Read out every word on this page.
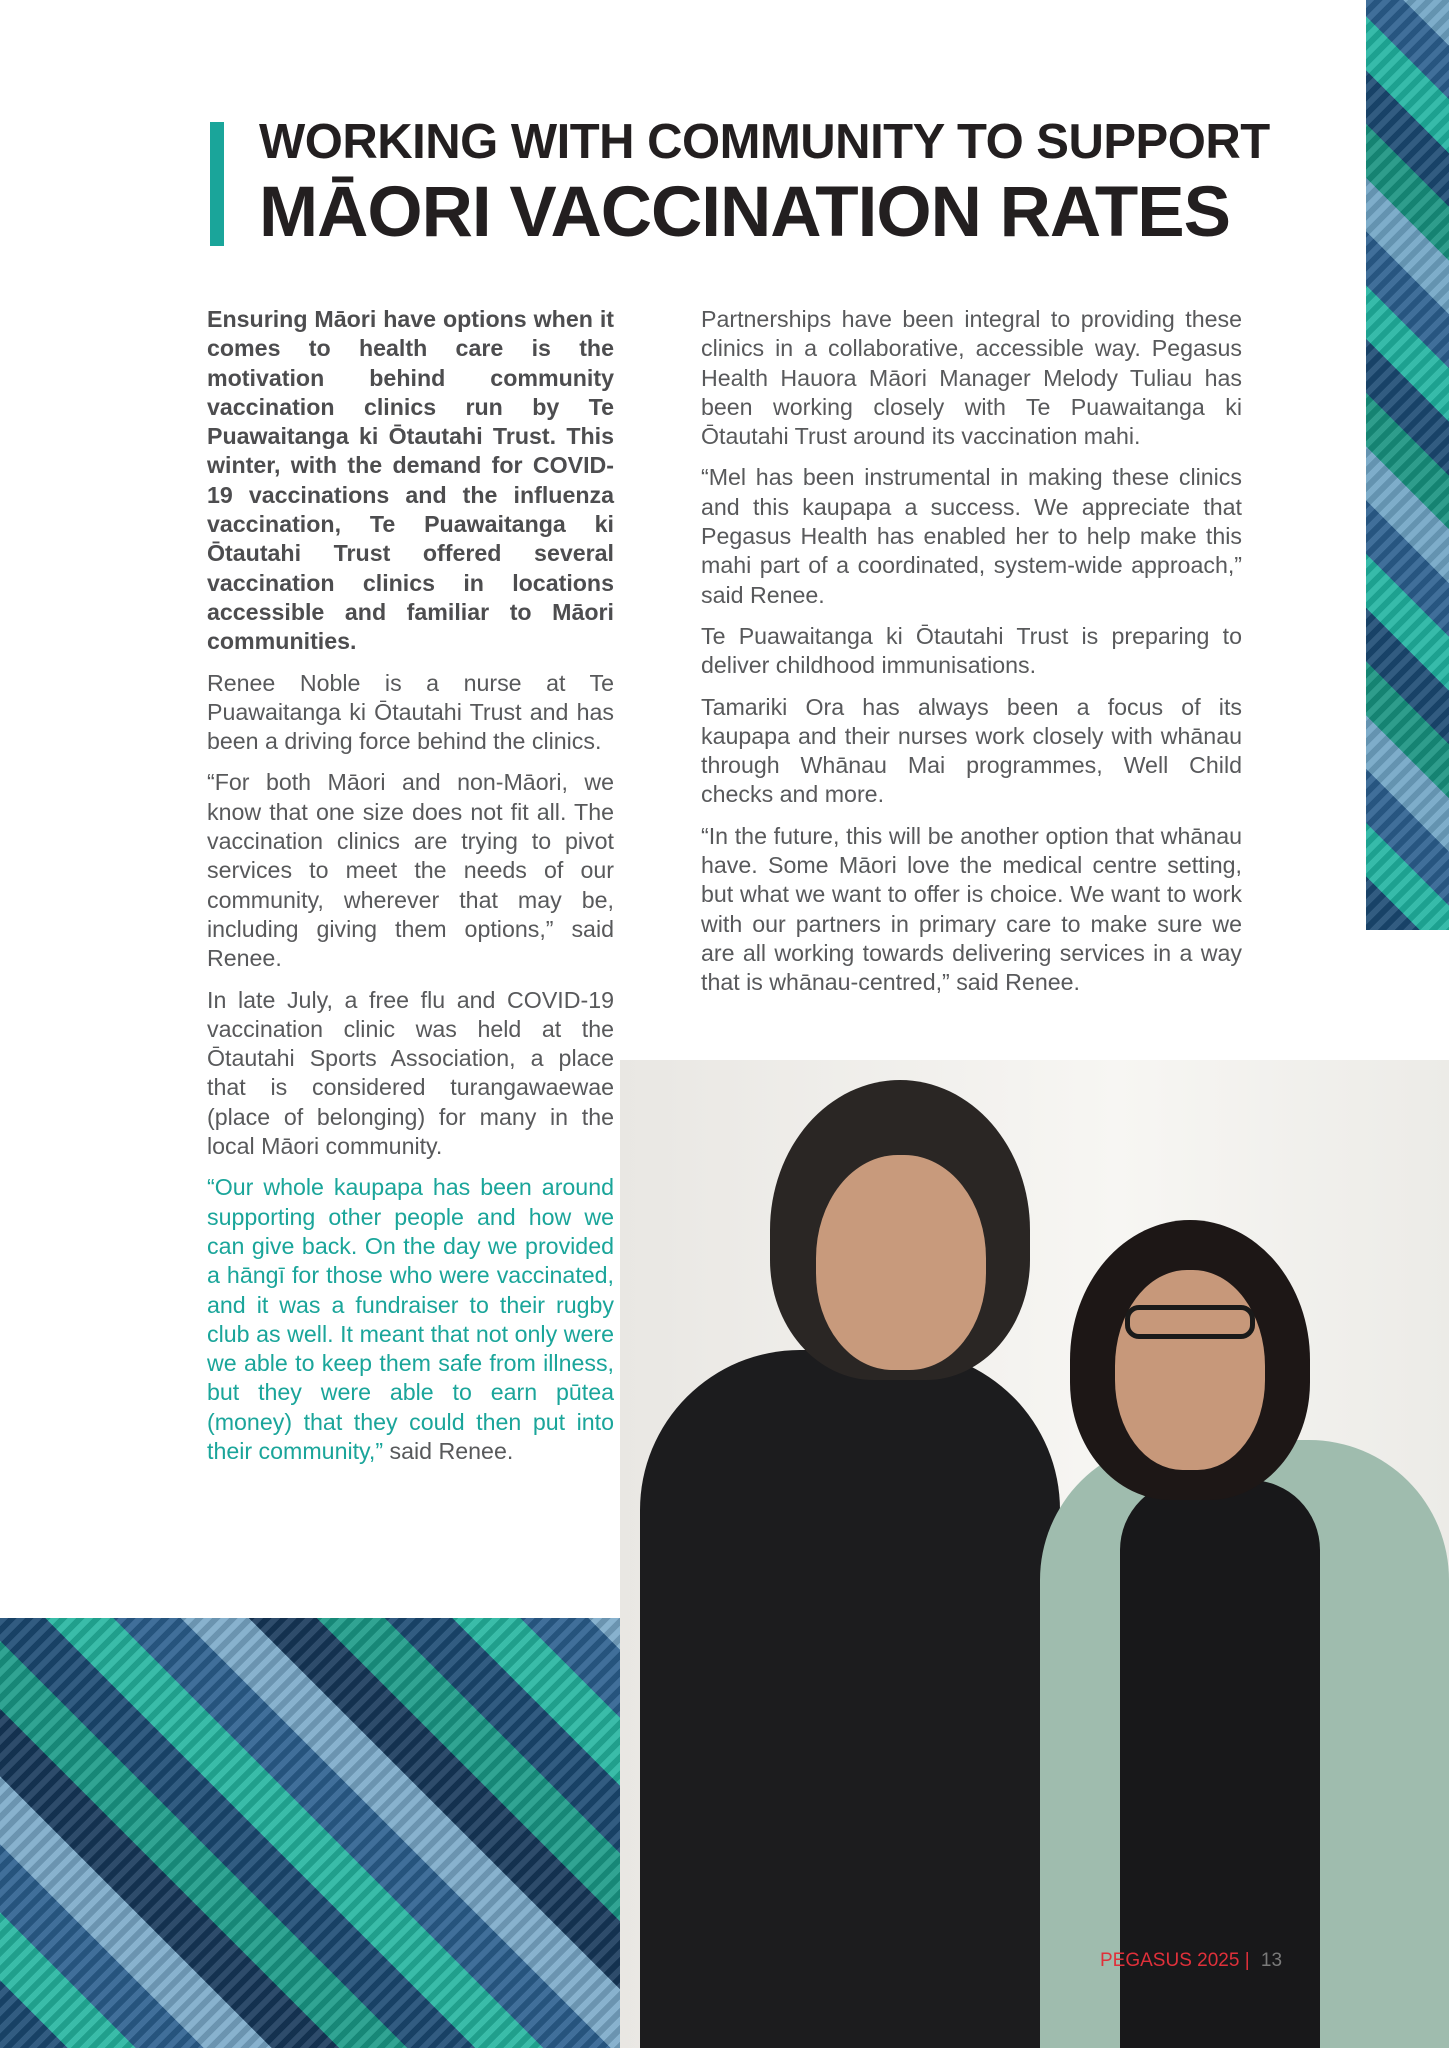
WORKING WITH COMMUNITY TO SUPPORT
MĀORI VACCINATION RATES

Ensuring Māori have options when it comes to health care is the motivation behind community vaccination clinics run by Te Puawaitanga ki Ōtautahi Trust. This winter, with the demand for COVID-19 vaccinations and the influenza vaccination, Te Puawaitanga ki Ōtautahi Trust offered several vaccination clinics in locations accessible and familiar to Māori communities.

Renee Noble is a nurse at Te Puawaitanga ki Ōtautahi Trust and has been a driving force behind the clinics.

“For both Māori and non-Māori, we know that one size does not fit all. The vaccination clinics are trying to pivot services to meet the needs of our community, wherever that may be, including giving them options,” said Renee.

In late July, a free flu and COVID-19 vaccination clinic was held at the Ōtautahi Sports Association, a place that is considered turangawaewae (place of belonging) for many in the local Māori community.

“Our whole kaupapa has been around supporting other people and how we can give back. On the day we provided a hāngī for those who were vaccinated, and it was a fundraiser to their rugby club as well. It meant that not only were we able to keep them safe from illness, but they were able to earn pūtea (money) that they could then put into their community,” said Renee.

Partnerships have been integral to providing these clinics in a collaborative, accessible way. Pegasus Health Hauora Māori Manager Melody Tuliau has been working closely with Te Puawaitanga ki Ōtautahi Trust around its vaccination mahi.

“Mel has been instrumental in making these clinics and this kaupapa a success. We appreciate that Pegasus Health has enabled her to help make this mahi part of a coordinated, system-wide approach,” said Renee.

Te Puawaitanga ki Ōtautahi Trust is preparing to deliver childhood immunisations.

Tamariki Ora has always been a focus of its kaupapa and their nurses work closely with whānau through Whānau Mai programmes, Well Child checks and more.

“In the future, this will be another option that whānau have. Some Māori love the medical centre setting, but what we want to offer is choice. We want to work with our partners in primary care to make sure we are all working towards delivering services in a way that is whānau-centred,” said Renee.

PEGASUS 2025 | 13
